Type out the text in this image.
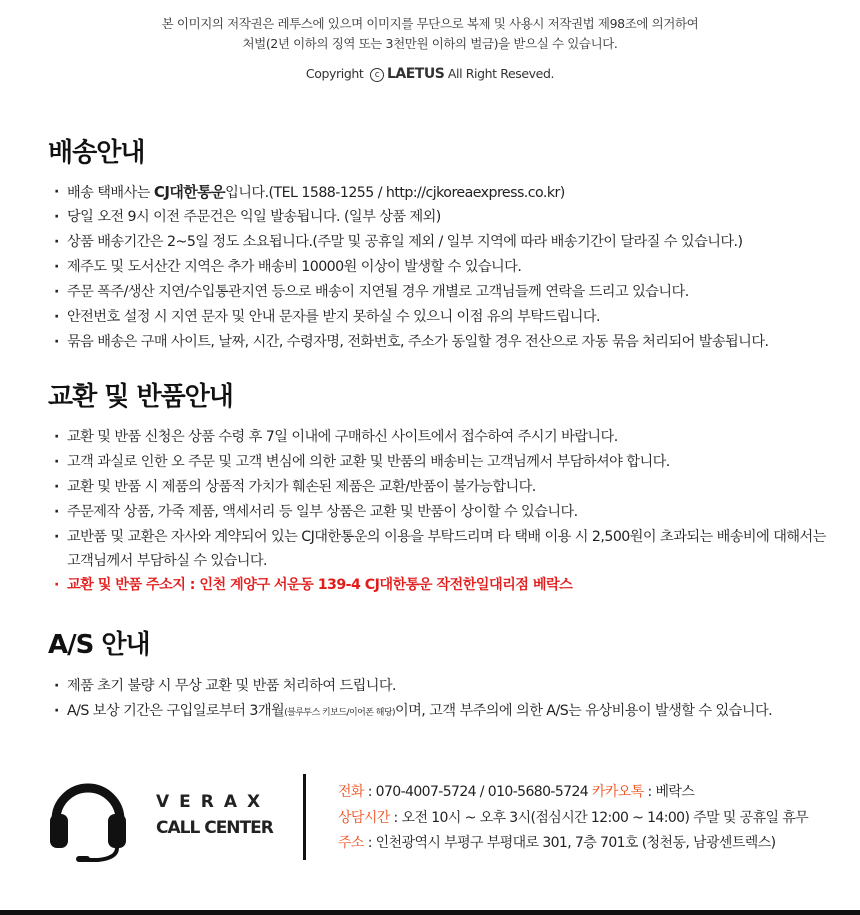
본 이미지의 저작권은 레투스에 있으며 이미지를 무단으로 복제 및 사용시 저작권법 제98조에 의거하여
처벌(2년 이하의 징역 또는 3천만원 이하의 벌금)을 받으실 수 있습니다.
Copyright c LAETUS All Right Reseved.
배송안내
· 배송 택배사는 CJ대한통운입니다.(TEL 1588-1255 / http://cjkoreaexpress.co.kr)
· 당일 오전 9시 이전 주문건은 익일 발송됩니다. (일부 상품 제외)
· 상품 배송기간은 2~5일 정도 소요됩니다.(주말 및 공휴일 제외 / 일부 지역에 따라 배송기간이 달라질 수 있습니다.)
· 제주도 및 도서산간 지역은 추가 배송비 10000원 이상이 발생할 수 있습니다.
· 주문 폭주/생산 지연/수입통관지연 등으로 배송이 지연될 경우 개별로 고객님들께 연락을 드리고 있습니다.
· 안전번호 설정 시 지연 문자 및 안내 문자를 받지 못하실 수 있으니 이점 유의 부탁드립니다.
· 묶음 배송은 구매 사이트, 날짜, 시간, 수령자명, 전화번호, 주소가 동일할 경우 전산으로 자동 묶음 처리되어 발송됩니다.
교환 및 반품안내
· 교환 및 반품 신청은 상품 수령 후 7일 이내에 구매하신 사이트에서 접수하여 주시기 바랍니다.
· 고객 과실로 인한 오 주문 및 고객 변심에 의한 교환 및 반품의 배송비는 고객님께서 부담하셔야 합니다.
· 교환 및 반품 시 제품의 상품적 가치가 훼손된 제품은 교환/반품이 불가능합니다.
· 주문제작 상품, 가죽 제품, 액세서리 등 일부 상품은 교환 및 반품이 상이할 수 있습니다.
· 교반품 및 교환은 자사와 계약되어 있는 CJ대한통운의 이용을 부탁드리며 타 택배 이용 시 2,500원이 초과되는 배송비에 대해서는 고객님께서 부담하실 수 있습니다.
· 교환 및 반품 주소지 : 인천 계양구 서운동 139-4 CJ대한통운 작전한일대리점 베락스
A/S 안내
· 제품 초기 불량 시 무상 교환 및 반품 처리하여 드립니다.
· A/S 보상 기간은 구입일로부터 3개월(블루투스 키보드/이어폰 해당)이며, 고객 부주의에 의한 A/S는 유상비용이 발생할 수 있습니다.
VERAX
CALL CENTER
전화 : 070-4007-5724 / 010-5680-5724 카카오톡 : 베락스
상담시간 : 오전 10시 ~ 오후 3시(점심시간 12:00 ~ 14:00) 주말 및 공휴일 휴무
주소 : 인천광역시 부평구 부평대로 301, 7층 701호 (청천동, 남광센트렉스)
